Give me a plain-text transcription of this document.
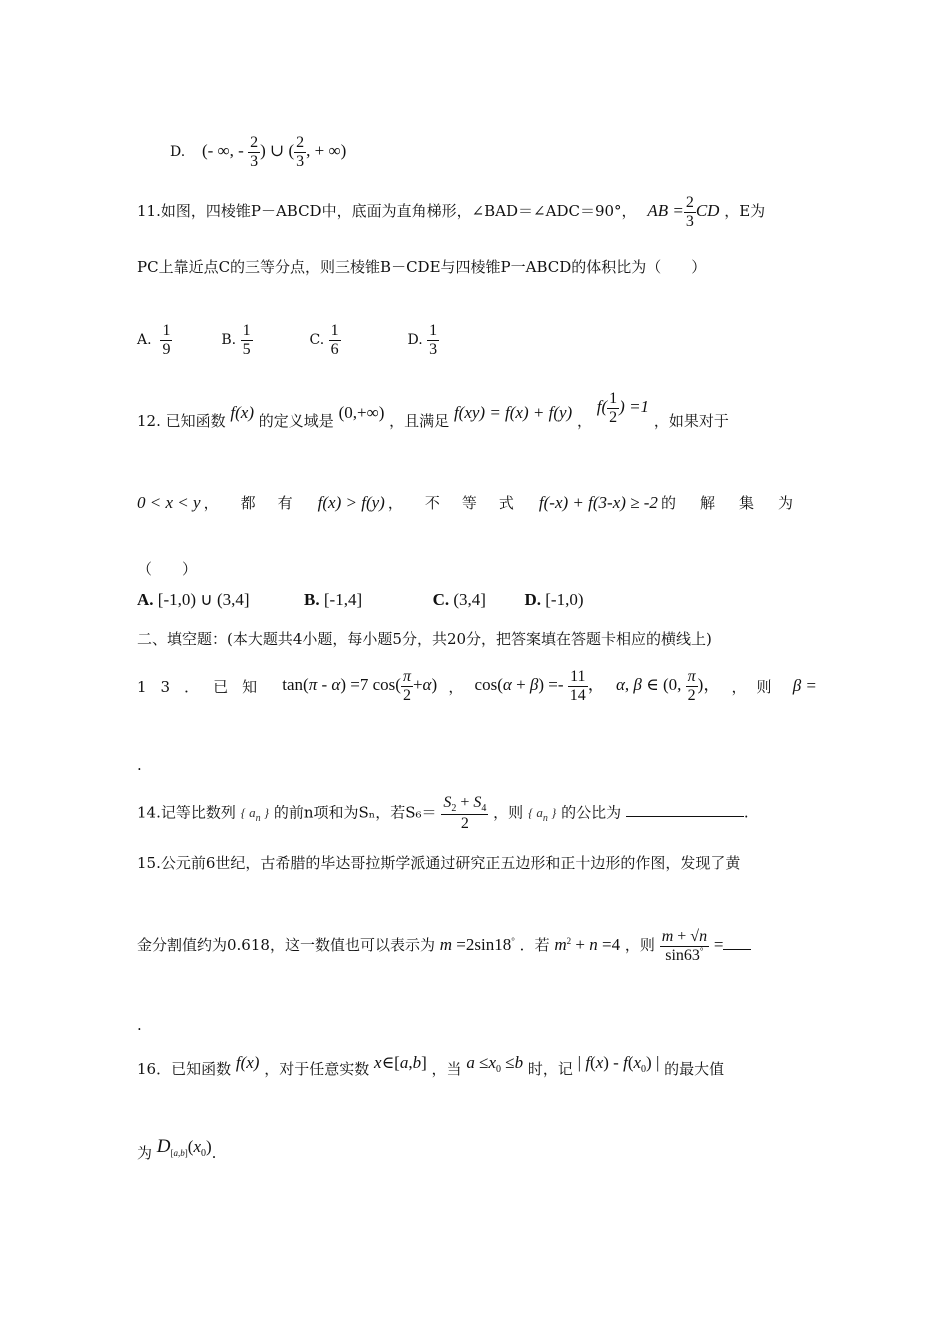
D. (- ∞, - $\frac{2}{3}$ ) ∪ ( $\frac{2}{3}$ , + ∞)
11.如图，四棱锥P－ABCD中，底面为直角梯形，∠BAD＝∠ADC＝90°， AB = $\frac{2}{3}$ CD ，E为
PC上靠近点C的三等分点，则三棱锥B－CDE与四棱锥P一ABCD的体积比为（　　）
A. $\frac{1}{9}$	B. $\frac{1}{5}$	C. $\frac{1}{6}$	D. $\frac{1}{3}$
12. 已知函数 f(x) 的定义域是 (0,+∞) ，且满足 f(xy) = f(x) + f(y) ， $f( \frac{1}{2}$ ) =1 ，如果对于
0 < x < y ，都有 f(x) > f(y) ，不等式 f(-x) + f(3-x) ≥ -2 的解集为
（　　）
A. [-1,0) ∪ (3,4]	B. [-1,4]	C. (3,4] D. [-1,0)
二、填空题：(本大题共4小题，每小题5分，共20分，把答案填在答题卡相应的横线上)
13．已知 tan(π - α) =7 $\cos( \frac{\pi}{2} +\alpha)$ ， $\cos(\alpha + \beta) =- \frac{11}{14}$ ， α, β ∈ (0, $\frac{\pi}{2}$ )， ，则 β =
.
14.记等比数列 { $a_n$ } 的前n项和为Sₙ，若$S_6= \frac{S_2 + S_4}{2}$ ，则 { $a_n$ } 的公比为	.
15.公元前6世纪，古希腊的毕达哥拉斯学派通过研究正五边形和正十边形的作图，发现了黄
金分割值约为0.618，这一数值也可以表示为 m =2sin18° ．若 $m^2 + n =4$ ，则 $\frac{m + √n}{\sin 63^\circ}$ =
.
16．已知函数 f(x) ，对于任意实数 x∈[a,b] ，当 $a \le x_0 \le b$ 时，记 | $f(x) - f(x_0)$ | 的最大值
为 $D_{[a,b]}(x_0)$.
